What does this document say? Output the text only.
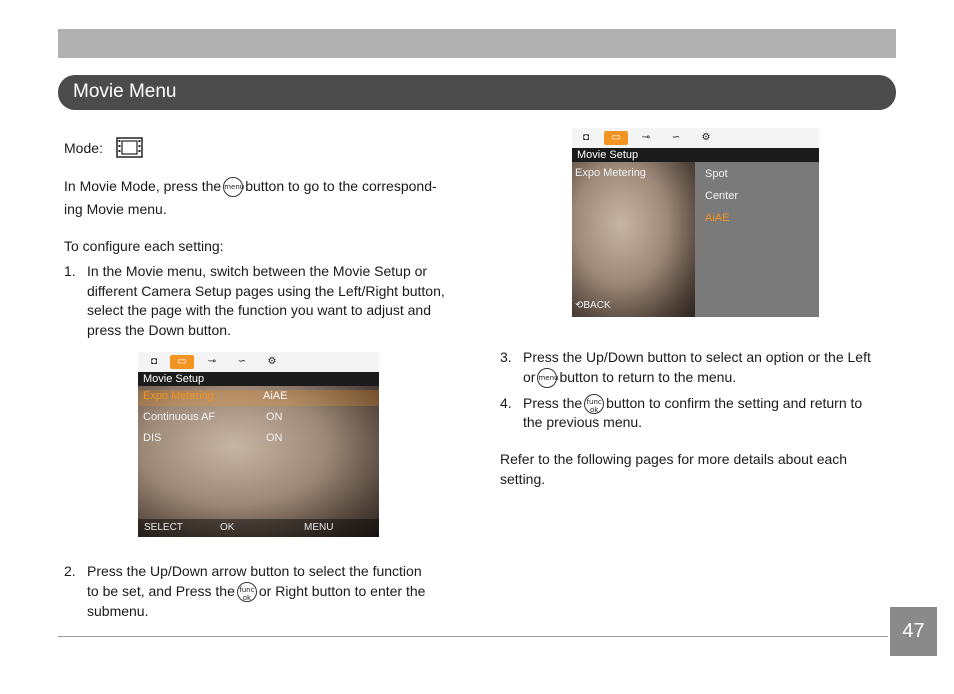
Movie Menu
Mode:
In Movie Mode, press the menubutton to go to the correspond-
ing Movie menu.
To configure each setting:
1. In the Movie menu, switch between the Movie Setup or
different Camera Setup pages using the Left/Right button,
select the page with the function you want to adjust and
press the Down button.
◘	▭	⊸	∽	⚙
Movie Setup
Expo Metering	AiAE
Continuous AF	ON
DIS	ON
SELECT	OK	MENU
2. Press the Up/Down arrow button to select the function
to be set, and Press the func
ok or Right button to enter the
submenu.
◘	▭	⊸	∽	⚙
Movie Setup
Expo Metering	Spot
Center
AiAE
⟲BACK
3. Press the Up/Down button to select an option or the Left
or menubutton to return to the menu.
4. Press the func
ok button to confirm the setting and return to
the previous menu.
Refer to the following pages for more details about each
setting.
47
